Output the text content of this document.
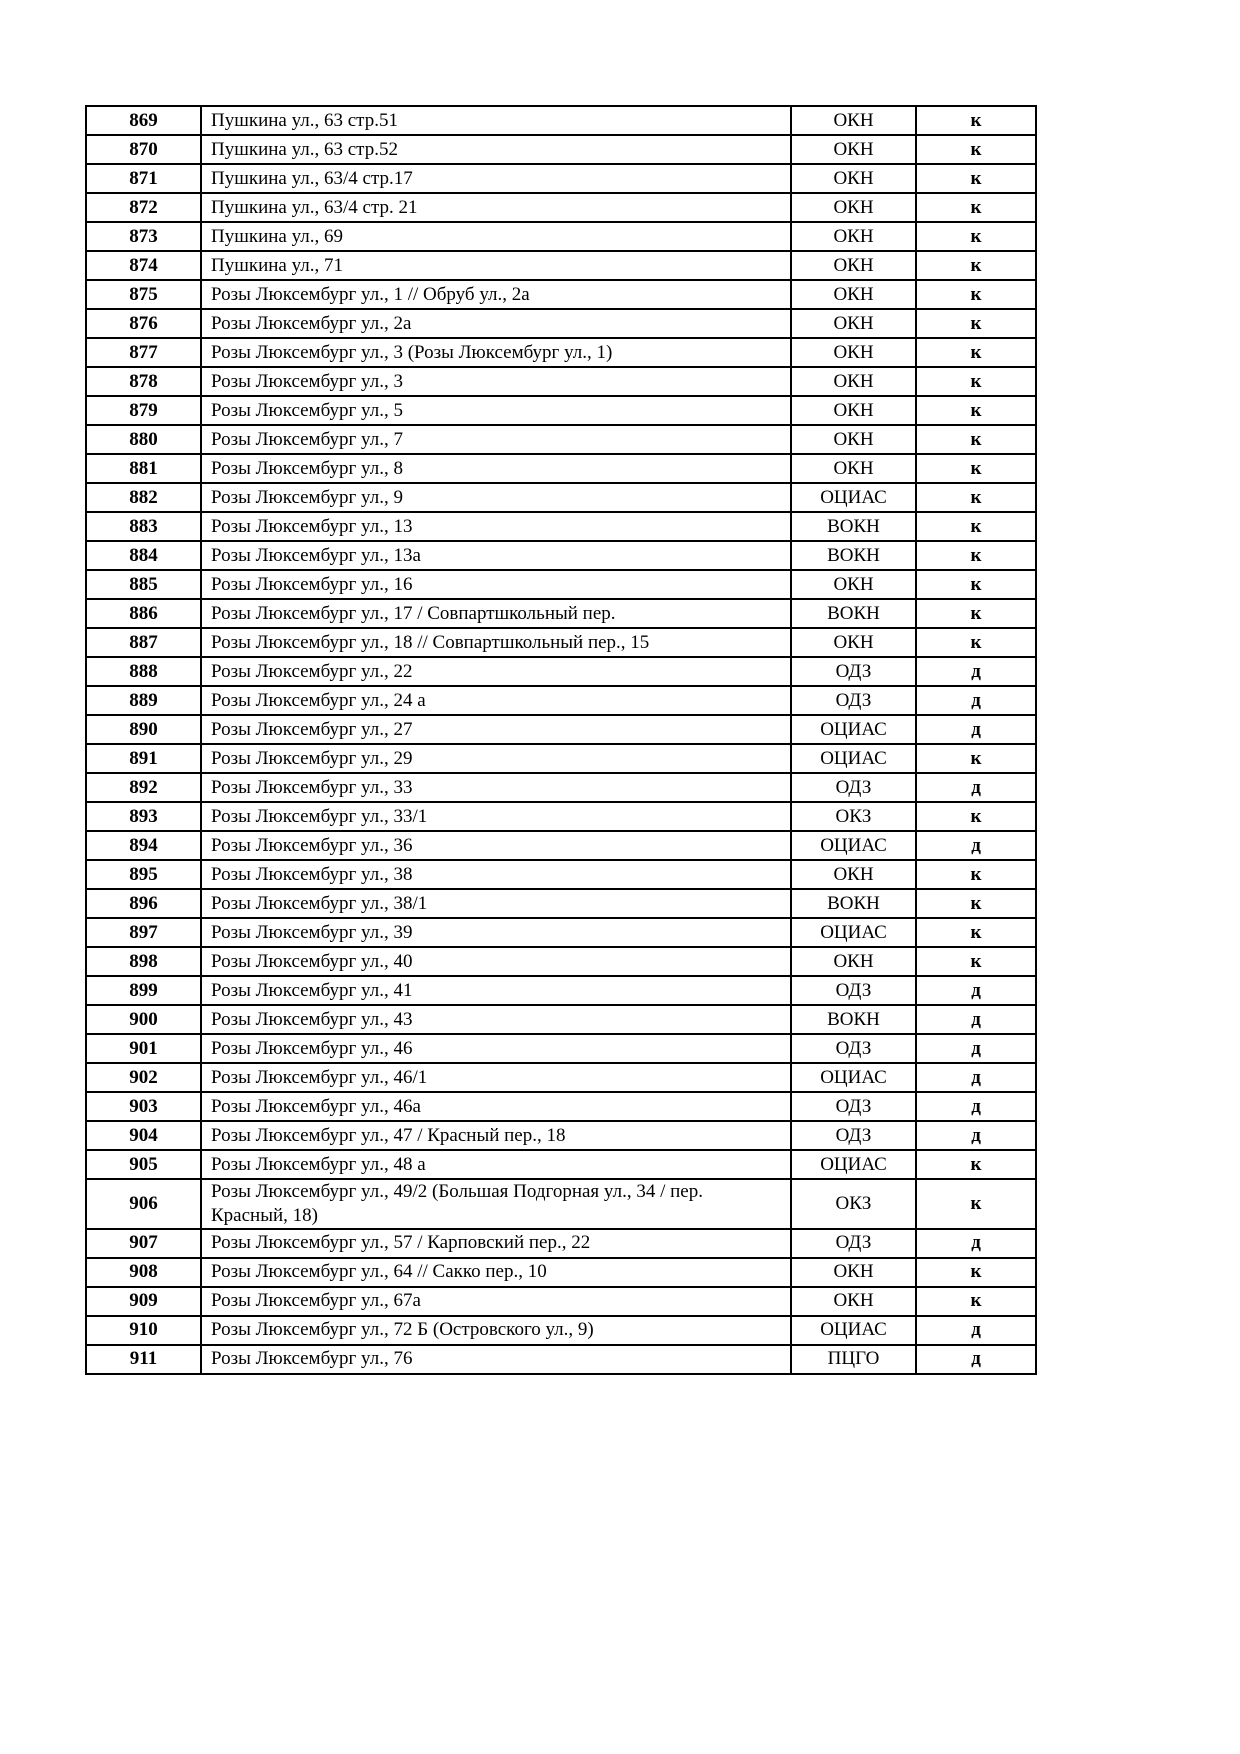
869	Пушкина ул., 63 стр.51	ОКН	к
870	Пушкина ул., 63 стр.52	ОКН	к
871	Пушкина ул., 63/4 стр.17	ОКН	к
872	Пушкина ул., 63/4 стр. 21	ОКН	к
873	Пушкина ул., 69	ОКН	к
874	Пушкина ул., 71	ОКН	к
875	Розы Люксембург ул., 1 // Обруб ул., 2а	ОКН	к
876	Розы Люксембург ул., 2а	ОКН	к
877	Розы Люксембург ул., 3 (Розы Люксембург ул., 1)	ОКН	к
878	Розы Люксембург ул., 3	ОКН	к
879	Розы Люксембург ул., 5	ОКН	к
880	Розы Люксембург ул., 7	ОКН	к
881	Розы Люксембург ул., 8	ОКН	к
882	Розы Люксембург ул., 9	ОЦИАС	к
883	Розы Люксембург ул., 13	ВОКН	к
884	Розы Люксембург ул., 13а	ВОКН	к
885	Розы Люксембург ул., 16	ОКН	к
886	Розы Люксембург ул., 17 / Совпартшкольный пер.	ВОКН	к
887	Розы Люксембург ул., 18 // Совпартшкольный пер., 15	ОКН	к
888	Розы Люксембург ул., 22	ОДЗ	д
889	Розы Люксембург ул., 24 а	ОДЗ	д
890	Розы Люксембург ул., 27	ОЦИАС	д
891	Розы Люксембург ул., 29	ОЦИАС	к
892	Розы Люксембург ул., 33	ОДЗ	д
893	Розы Люксембург ул., 33/1	ОКЗ	к
894	Розы Люксембург ул., 36	ОЦИАС	д
895	Розы Люксембург ул., 38	ОКН	к
896	Розы Люксембург ул., 38/1	ВОКН	к
897	Розы Люксембург ул., 39	ОЦИАС	к
898	Розы Люксембург ул., 40	ОКН	к
899	Розы Люксембург ул., 41	ОДЗ	д
900	Розы Люксембург ул., 43	ВОКН	д
901	Розы Люксембург ул., 46	ОДЗ	д
902	Розы Люксембург ул., 46/1	ОЦИАС	д
903	Розы Люксембург ул., 46а	ОДЗ	д
904	Розы Люксембург ул., 47 / Красный пер., 18	ОДЗ	д
905	Розы Люксембург ул., 48 а	ОЦИАС	к
906	Розы Люксембург ул., 49/2 (Большая Подгорная ул., 34 / пер. Красный, 18)	ОКЗ	к
907	Розы Люксембург ул., 57 / Карповский пер., 22	ОДЗ	д
908	Розы Люксембург ул., 64 // Сакко пер., 10	ОКН	к
909	Розы Люксембург ул., 67а	ОКН	к
910	Розы Люксембург ул., 72 Б (Островского ул., 9)	ОЦИАС	д
911	Розы Люксембург ул., 76	ПЦГО	д
